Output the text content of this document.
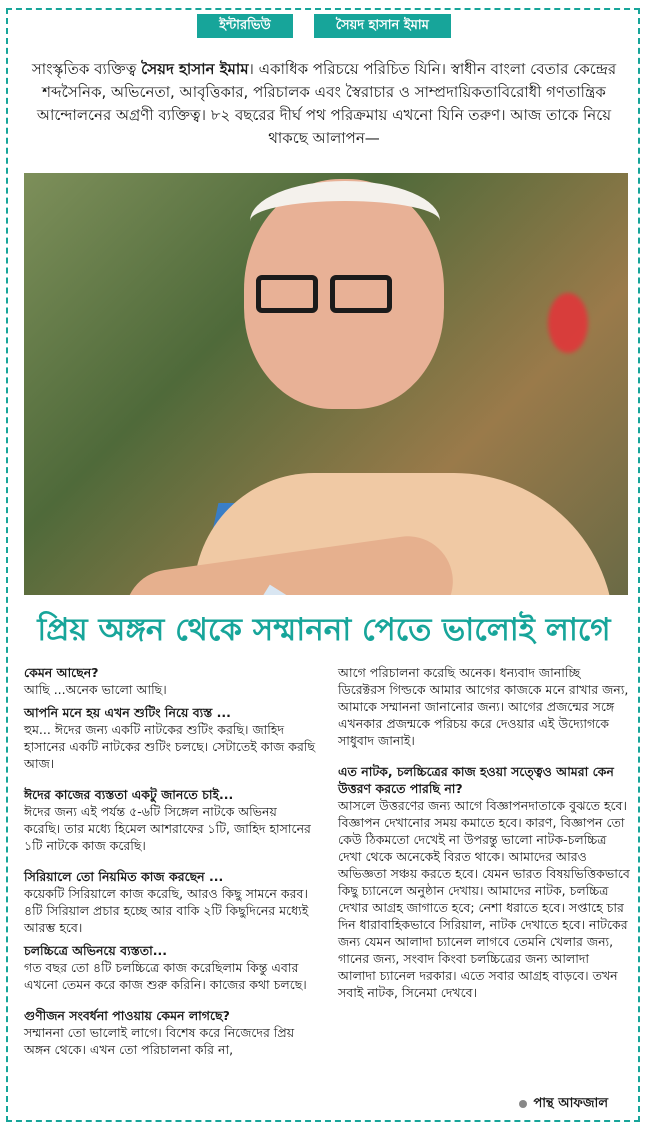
ইন্টারভিউ	সৈয়দ হাসান ইমাম
সাংস্কৃতিক ব্যক্তিত্ব সৈয়দ হাসান ইমাম। একাধিক পরিচয়ে পরিচিত যিনি। স্বাধীন বাংলা বেতার কেন্দ্রের শব্দসৈনিক, অভিনেতা, আবৃত্তিকার, পরিচালক এবং স্বৈরাচার ও সাম্প্রদায়িকতাবিরোধী গণতান্ত্রিক আন্দোলনের অগ্রণী ব্যক্তিত্ব। ৮২ বছরের দীর্ঘ পথ পরিক্রমায় এখনো যিনি তরুণ। আজ তাকে নিয়ে থাকছে আলাপন—
প্রিয় অঙ্গন থেকে সম্মাননা পেতে ভালোই লাগে
কেমন আছেন?
আছি ...অনেক ভালো আছি।
আপনি মনে হয় এখন শুটিং নিয়ে ব্যস্ত ...
হুম... ঈদের জন্য একটি নাটকের শুটিং করছি। জাহিদ হাসানের একটি নাটকের শুটিং চলছে। সেটাতেই কাজ করছি আজ।
ঈদের কাজের ব্যস্ততা একটু জানতে চাই...
ঈদের জন্য এই পর্যন্ত ৫-৬টি সিঙ্গেল নাটকে অভিনয় করেছি। তার মধ্যে হিমেল আশরাফের ১টি, জাহিদ হাসানের ১টি নাটকে কাজ করেছি।
সিরিয়ালে তো নিয়মিত কাজ করছেন ...
কয়েকটি সিরিয়ালে কাজ করেছি, আরও কিছু সামনে করব। ৪টি সিরিয়াল প্রচার হচ্ছে আর বাকি ২টি কিছুদিনের মধ্যেই আরম্ভ হবে।
চলচ্চিত্রে অভিনয়ে ব্যস্ততা...
গত বছর তো ৪টি চলচ্চিত্রে কাজ করেছিলাম কিন্তু এবার এখনো তেমন করে কাজ শুরু করিনি। কাজের কথা চলছে।
গুণীজন সংবর্ধনা পাওয়ায় কেমন লাগছে?
সম্মাননা তো ভালোই লাগে। বিশেষ করে নিজেদের প্রিয় অঙ্গন থেকে। এখন তো পরিচালনা করি না,
আগে পরিচালনা করেছি অনেক। ধন্যবাদ জানাচ্ছি ডিরেক্টরস গিল্ডকে আমার আগের কাজকে মনে রাখার জন্য, আমাকে সম্মাননা জানানোর জন্য। আগের প্রজন্মের সঙ্গে এখনকার প্রজন্মকে পরিচয় করে দেওয়ার এই উদ্যোগকে সাধুবাদ জানাই।
এত নাটক, চলচ্চিত্রের কাজ হওয়া সত্ত্বেও আমরা কেন উত্তরণ করতে পারছি না?
আসলে উত্তরণের জন্য আগে বিজ্ঞাপনদাতাকে বুঝতে হবে। বিজ্ঞাপন দেখানোর সময় কমাতে হবে। কারণ, বিজ্ঞাপন তো কেউ ঠিকমতো দেখেই না উপরন্তু ভালো নাটক-চলচ্চিত্র দেখা থেকে অনেকেই বিরত থাকে। আমাদের আরও অভিজ্ঞতা সঞ্চয় করতে হবে। যেমন ভারত বিষয়ভিত্তিকভাবে কিছু চ্যানেলে অনুষ্ঠান দেখায়। আমাদের নাটক, চলচ্চিত্র দেখার আগ্রহ জাগাতে হবে; নেশা ধরাতে হবে। সপ্তাহে চার দিন ধারাবাহিকভাবে সিরিয়াল, নাটক দেখাতে হবে। নাটকের জন্য যেমন আলাদা চ্যানেল লাগবে তেমনি খেলার জন্য, গানের জন্য, সংবাদ কিংবা চলচ্চিত্রের জন্য আলাদা আলাদা চ্যানেল দরকার। এতে সবার আগ্রহ বাড়বে। তখন সবাই নাটক, সিনেমা দেখবে।
পান্থ আফজাল
